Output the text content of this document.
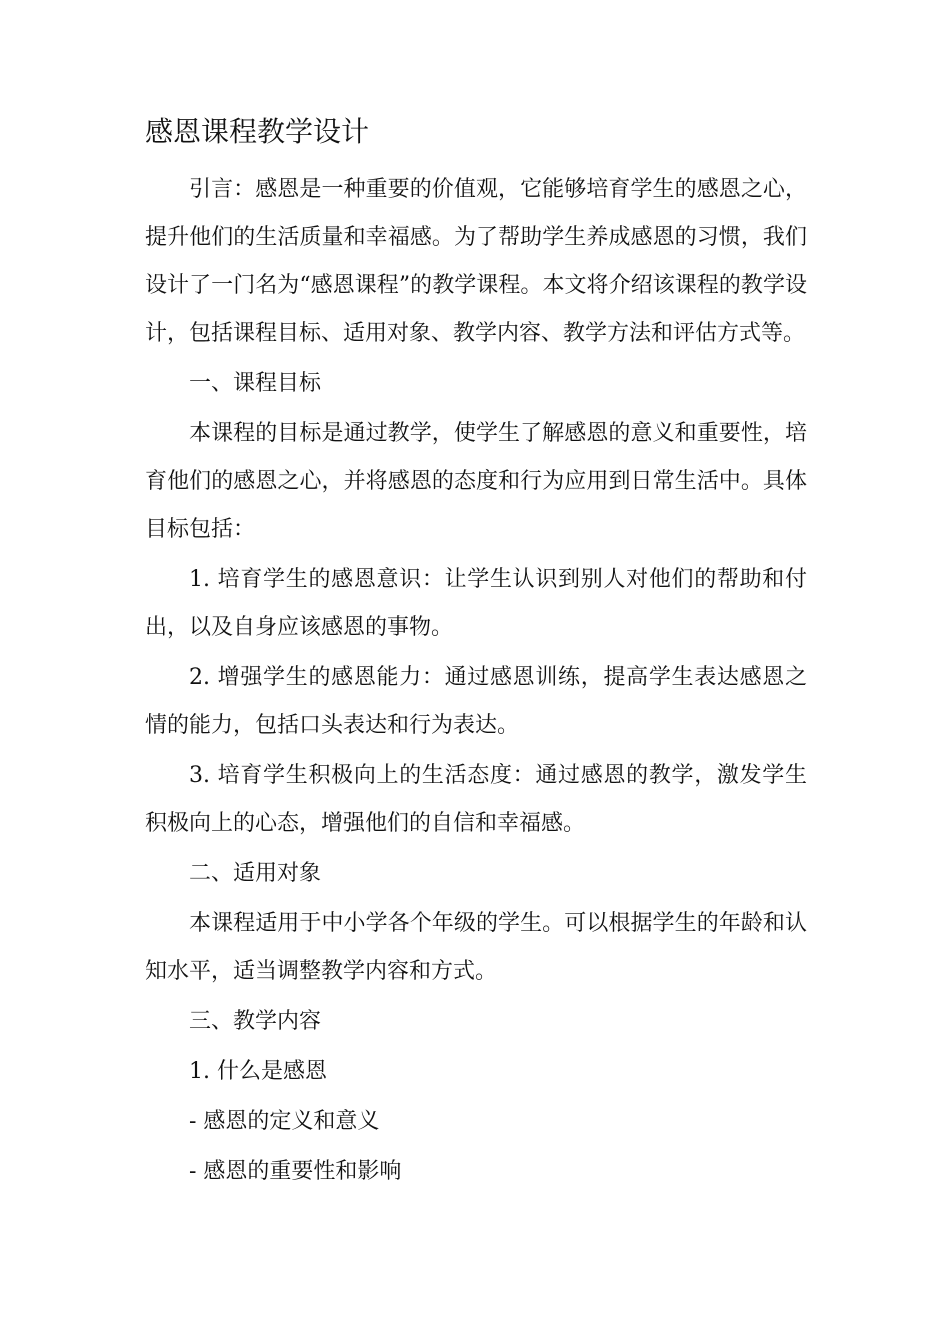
感恩课程教学设计

引言：感恩是一种重要的价值观，它能够培育学生的感恩之心，提升他们的生活质量和幸福感。为了帮助学生养成感恩的习惯，我们设计了一门名为“感恩课程”的教学课程。本文将介绍该课程的教学设计，包括课程目标、适用对象、教学内容、教学方法和评估方式等。

一、课程目标

本课程的目标是通过教学，使学生了解感恩的意义和重要性，培育他们的感恩之心，并将感恩的态度和行为应用到日常生活中。具体目标包括：

1. 培育学生的感恩意识：让学生认识到别人对他们的帮助和付出，以及自身应该感恩的事物。

2. 增强学生的感恩能力：通过感恩训练，提高学生表达感恩之情的能力，包括口头表达和行为表达。

3. 培育学生积极向上的生活态度：通过感恩的教学，激发学生积极向上的心态，增强他们的自信和幸福感。

二、适用对象

本课程适用于中小学各个年级的学生。可以根据学生的年龄和认知水平，适当调整教学内容和方式。

三、教学内容

1. 什么是感恩

- 感恩的定义和意义

- 感恩的重要性和影响
